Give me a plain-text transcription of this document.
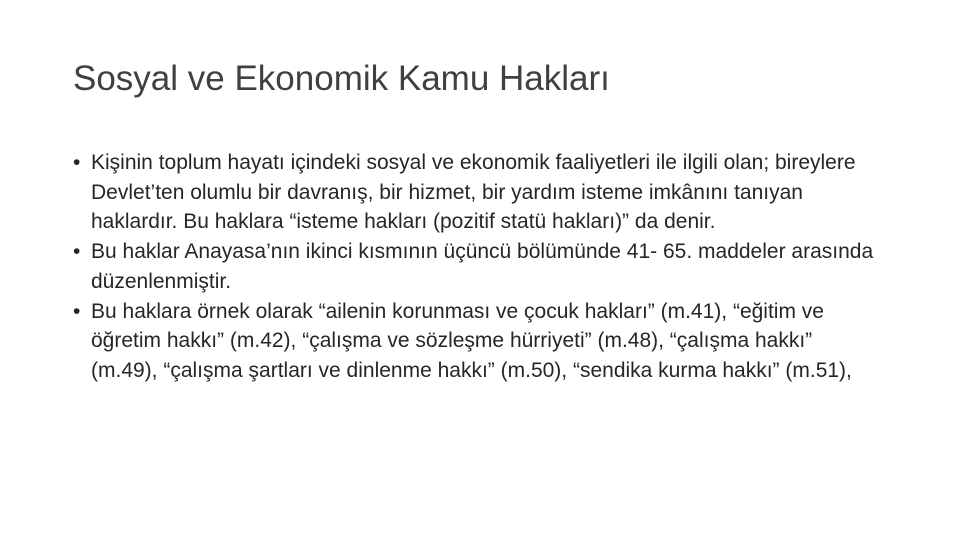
Sosyal ve Ekonomik Kamu Hakları
• Kişinin toplum hayatı içindeki sosyal ve ekonomik faaliyetleri ile ilgili olan; bireylere Devlet’ten olumlu bir davranış, bir hizmet, bir yardım isteme imkânını tanıyan haklardır. Bu haklara “isteme hakları (pozitif statü hakları)” da denir.
• Bu haklar Anayasa’nın ikinci kısmının üçüncü bölümünde 41- 65. maddeler arasında düzenlenmiştir.
• Bu haklara örnek olarak “ailenin korunması ve çocuk hakları” (m.41), “eğitim ve öğretim hakkı” (m.42), “çalışma ve sözleşme hürriyeti” (m.48), “çalışma hakkı” (m.49), “çalışma şartları ve dinlenme hakkı” (m.50), “sendika kurma hakkı” (m.51),
